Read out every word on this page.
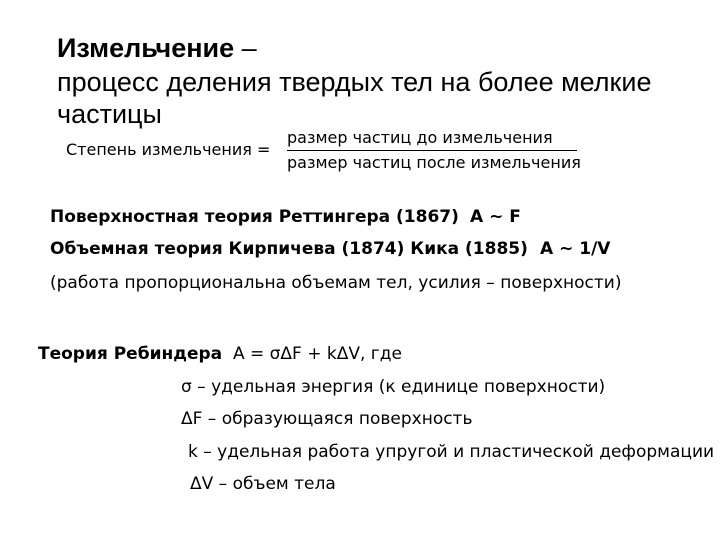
Измельчение –
процесс деления твердых тел на более мелкие
частицы
Степень измельчения =
размер частиц до измельчения
размер частиц после измельчения
Поверхностная теория Реттингера (1867) A ~ F
Объемная теория Кирпичева (1874) Кика (1885) A ~ 1/V
(работа пропорциональна объемам тел, усилия – поверхности)
Теория Ребиндера A = σΔF + kΔV, где
σ – удельная энергия (к единице поверхности)
ΔF – образующаяся поверхность
k – удельная работа упругой и пластической деформации
ΔV – объем тела
